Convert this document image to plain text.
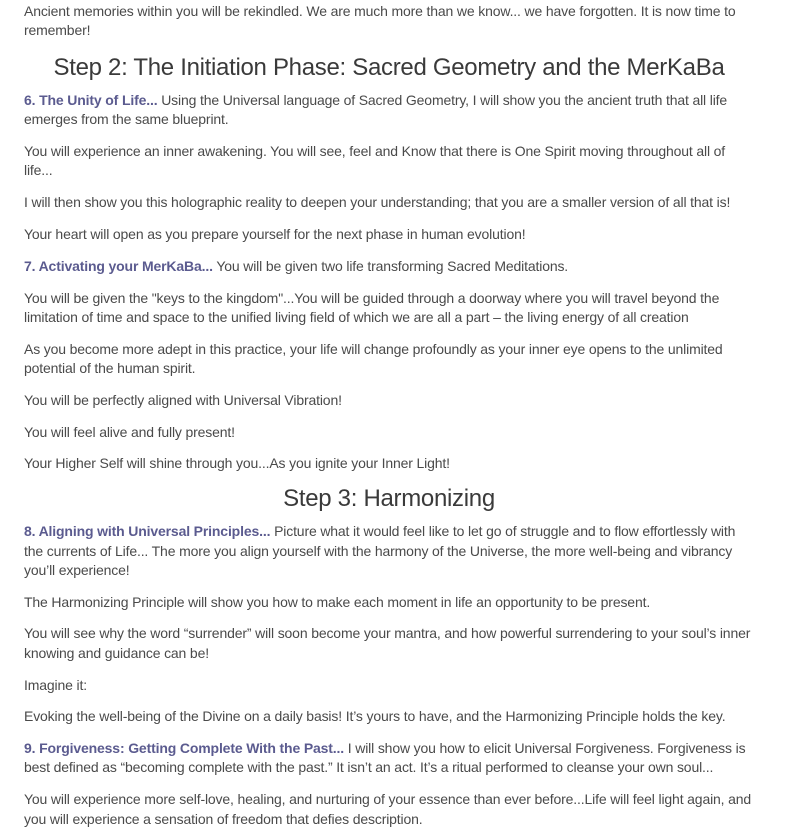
Ancient memories within you will be rekindled. We are much more than we know... we have forgotten. It is now time to remember!

Step 2: The Initiation Phase: Sacred Geometry and the MerKaBa

6. The Unity of Life... Using the Universal language of Sacred Geometry, I will show you the ancient truth that all life emerges from the same blueprint.

You will experience an inner awakening. You will see, feel and Know that there is One Spirit moving throughout all of life...

I will then show you this holographic reality to deepen your understanding; that you are a smaller version of all that is!

Your heart will open as you prepare yourself for the next phase in human evolution!

7. Activating your MerKaBa... You will be given two life transforming Sacred Meditations.

You will be given the "keys to the kingdom"...You will be guided through a doorway where you will travel beyond the limitation of time and space to the unified living field of which we are all a part – the living energy of all creation

As you become more adept in this practice, your life will change profoundly as your inner eye opens to the unlimited potential of the human spirit.

You will be perfectly aligned with Universal Vibration!

You will feel alive and fully present!

Your Higher Self will shine through you...As you ignite your Inner Light!

Step 3: Harmonizing

8. Aligning with Universal Principles... Picture what it would feel like to let go of struggle and to flow effortlessly with the currents of Life... The more you align yourself with the harmony of the Universe, the more well-being and vibrancy you’ll experience!

The Harmonizing Principle will show you how to make each moment in life an opportunity to be present.

You will see why the word “surrender” will soon become your mantra, and how powerful surrendering to your soul’s inner knowing and guidance can be!

Imagine it:

Evoking the well-being of the Divine on a daily basis! It’s yours to have, and the Harmonizing Principle holds the key.

9. Forgiveness: Getting Complete With the Past... I will show you how to elicit Universal Forgiveness. Forgiveness is best defined as “becoming complete with the past.” It isn’t an act. It’s a ritual performed to cleanse your own soul...

You will experience more self-love, healing, and nurturing of your essence than ever before...Life will feel light again, and you will experience a sensation of freedom that defies description.
